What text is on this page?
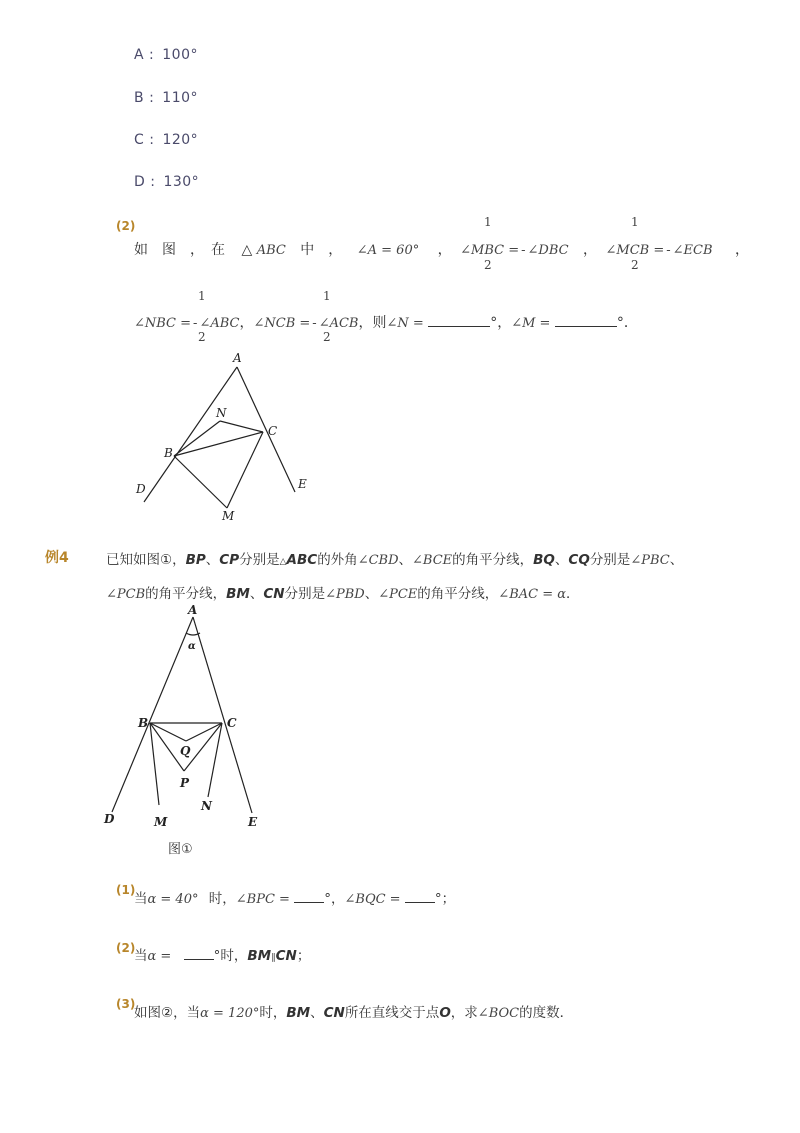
A : 100°
B : 110°
C : 120°
D : 130°
(2)	1
2
1
2
如　图　，　在 △ ABC 中　， ∠A = 60° ， ∠MBC = - ∠DBC ， ∠MCB = - ∠ECB ，
1
2
1
2
∠NBC = - ∠ABC，∠NCB = - ∠ACB，则∠N =	°，∠M =	°．
A
N
C
B
D	E
M
例4	已知如图①，BP、CP分别是△ABC的外角∠CBD、∠BCE的角平分线，BQ、CQ分别是∠PBC、
∠PCB的角平分线，BM、CN分别是∠PBD、∠PCE的角平分线，∠BAC = α．
A
α
B	C
Q
P
N
D	M	E
图①
(1)
当α = 40° 时，∠BPC =	°，∠BQC =	°；
(2)
当α =	°时，BM∥CN；
(3)
如图②，当α = 120°时，BM、CN所在直线交于点O，求∠BOC的度数．
